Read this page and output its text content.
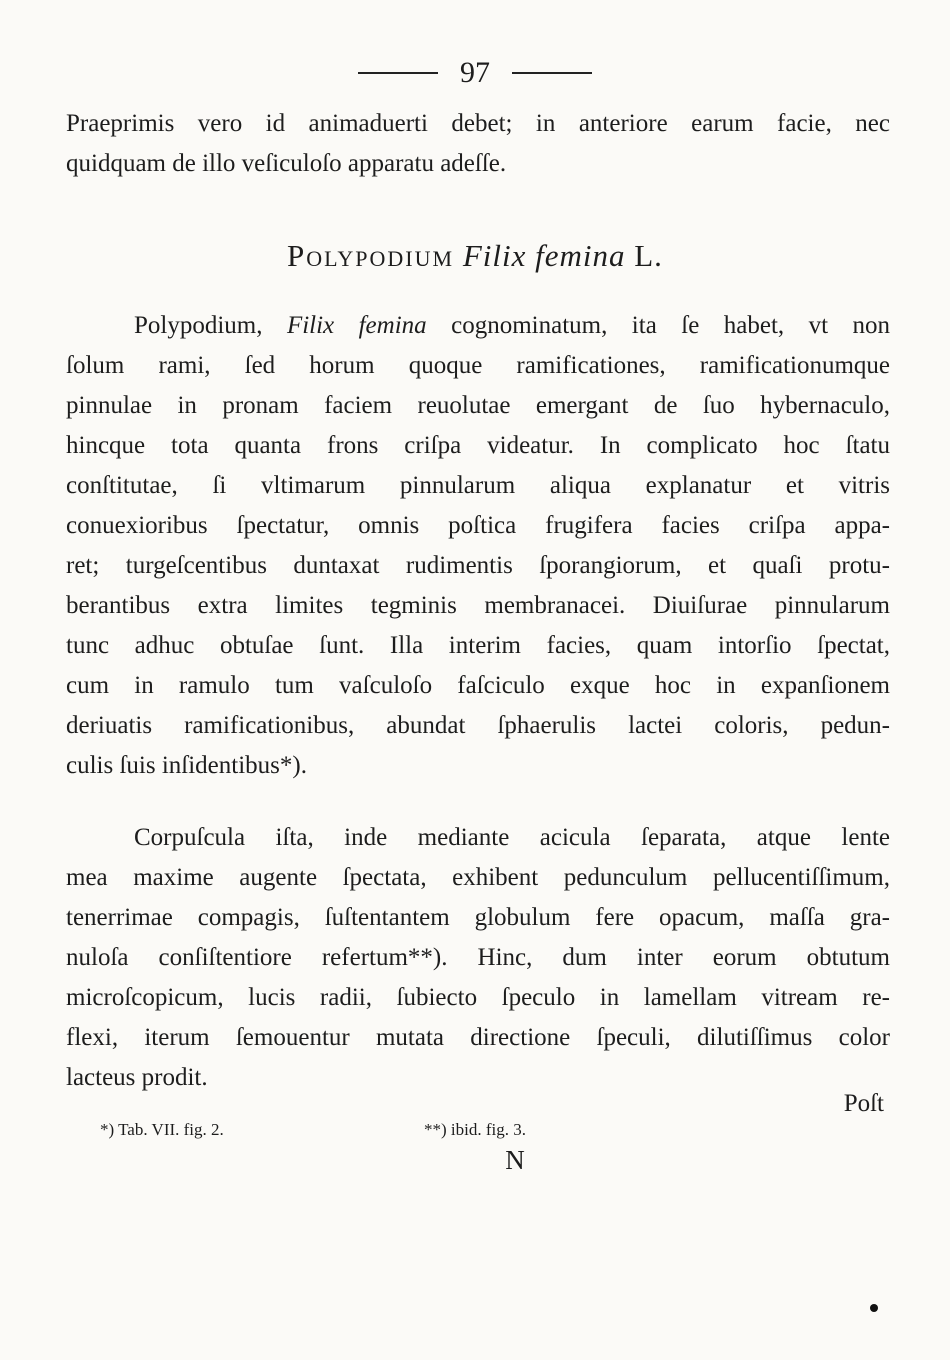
97
Praeprimis vero id animaduerti debet; in anteriore earum facie, nec
quidquam de illo veſiculoſo apparatu adeſſe.
Polypodium Filix femina L.
Polypodium, Filix femina cognominatum, ita ſe habet, vt non
ſolum rami, ſed horum quoque ramificationes, ramificationumque
pinnulae in pronam faciem reuolutae emergant de ſuo hybernaculo,
hincque tota quanta frons criſpa videatur. In complicato hoc ſtatu
conſtitutae, ſi vltimarum pinnularum aliqua explanatur et vitris
conuexioribus ſpectatur, omnis poſtica frugifera facies criſpa appa-
ret; turgeſcentibus duntaxat rudimentis ſporangiorum, et quaſi protu-
berantibus extra limites tegminis membranacei. Diuiſurae pinnularum
tunc adhuc obtuſae ſunt. Illa interim facies, quam intorſio ſpectat,
cum in ramulo tum vaſculoſo faſciculo exque hoc in expanſionem
deriuatis ramificationibus, abundat ſphaerulis lactei coloris, pedun-
culis ſuis inſidentibus*).
Corpuſcula iſta, inde mediante acicula ſeparata, atque lente
mea maxime augente ſpectata, exhibent pedunculum pellucentiſſimum,
tenerrimae compagis, ſuſtentantem globulum fere opacum, maſſa gra-
nuloſa conſiſtentiore refertum**). Hinc, dum inter eorum obtutum
microſcopicum, lucis radii, ſubiecto ſpeculo in lamellam vitream re-
flexi, iterum ſemouentur mutata directione ſpeculi, dilutiſſimus color
lacteus prodit.
Poſt
*) Tab. VII. fig. 2.	**) ibid. fig. 3.
N
